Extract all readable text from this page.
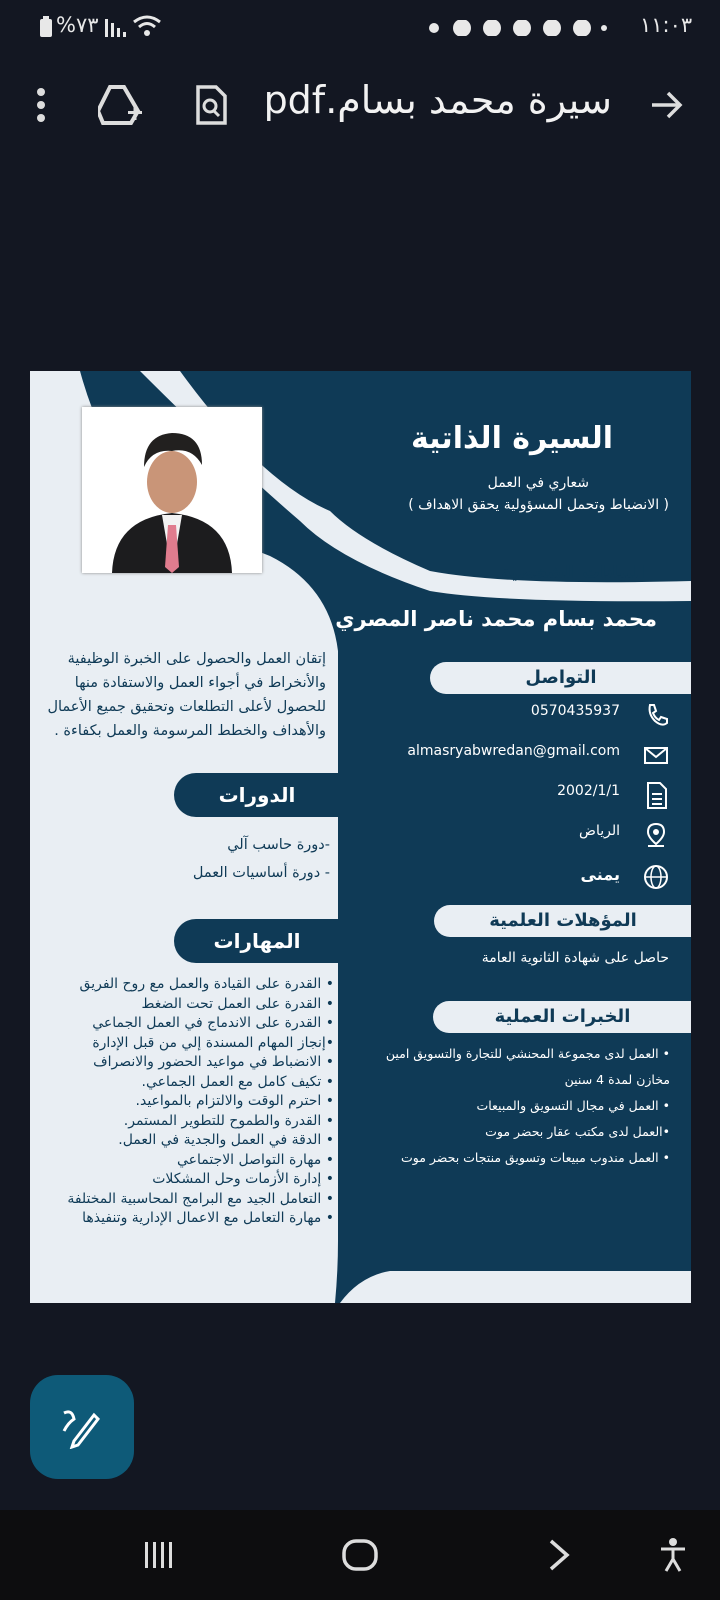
%٧٣	١١:٠٣
سيرة محمد بسام.pdf
السيرة الذاتية
شعاري في العمل
( الانضباط وتحمل المسؤولية يحقق الاهداف )
البيانات الشخصية
محمد بسام محمد ناصر المصري
التواصل
0570435937
almasryabwredan@gmail.com
2002/1/1
الرياض
يمنى
المؤهلات العلمية
حاصل على شهادة الثانوية العامة
الخبرات العملية
• العمل لدى مجموعة المحنشي للتجارة والتسويق امين مخازن لمدة 4 سنين
• العمل في مجال التسويق والمبيعات
•العمل لدى مكتب عقار بحضر موت
• العمل مندوب مبيعات وتسويق منتجات بحضر موت
إتقان العمل والحصول على الخبرة الوظيفية
والأنخراط في أجواء العمل والاستفادة منها
للحصول لأعلى التطلعات وتحقيق جميع الأعمال
والأهداف والخطط المرسومة والعمل بكفاءة .
الدورات
-دورة حاسب آلي
- دورة أساسيات العمل
المهارات
• القدرة على القيادة والعمل مع روح الفريق
• القدرة على العمل تحت الضغط
• القدرة على الاندماج في العمل الجماعي
•إنجاز المهام المسندة إلي من قبل الإدارة
• الانضباط في مواعيد الحضور والانصراف
• تكيف كامل مع العمل الجماعي.
• احترم الوقت والالتزام بالمواعيد.
• القدرة والطموح للتطوير المستمر.
• الدقة في العمل والجدية في العمل.
• مهارة التواصل الاجتماعي
• إدارة الأزمات وحل المشكلات
• التعامل الجيد مع البرامج المحاسبية المختلفة
• مهارة التعامل مع الاعمال الإدارية وتنفيذها
